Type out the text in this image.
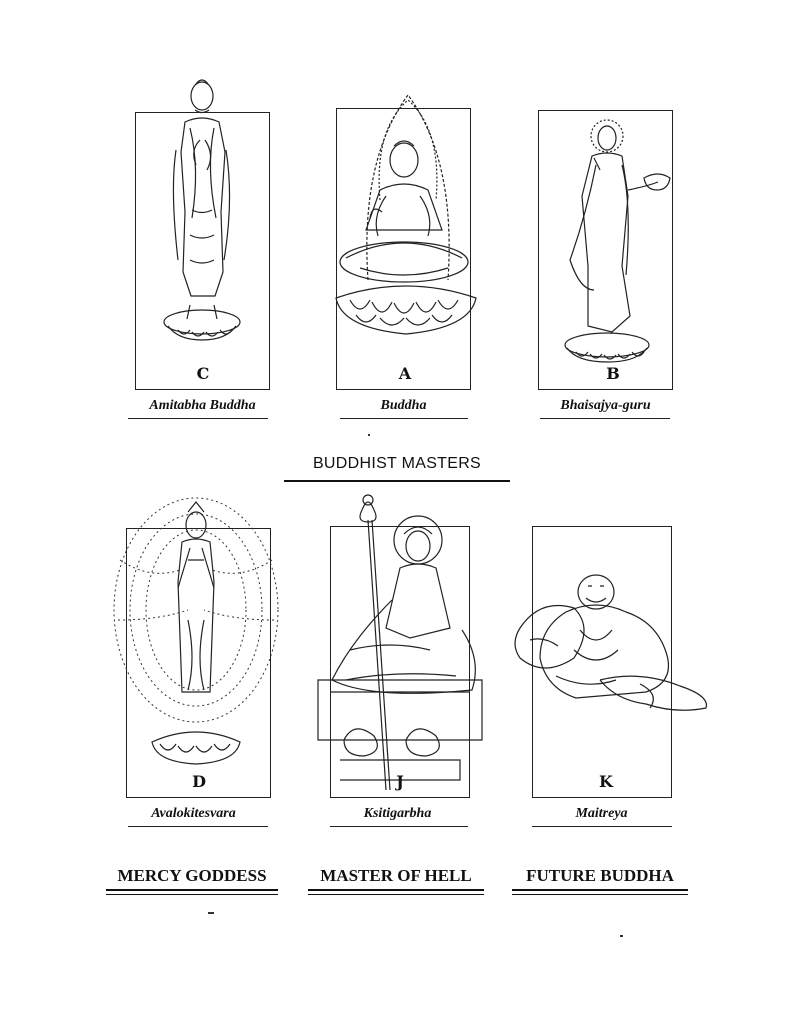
C
Amitabha Buddha
A
Buddha
B
Bhaisajya-guru
BUDDHIST MASTERS
D
Avalokitesvara
MERCY GODDESS
J
Ksitigarbha
MASTER OF HELL
K
Maitreya
FUTURE BUDDHA
